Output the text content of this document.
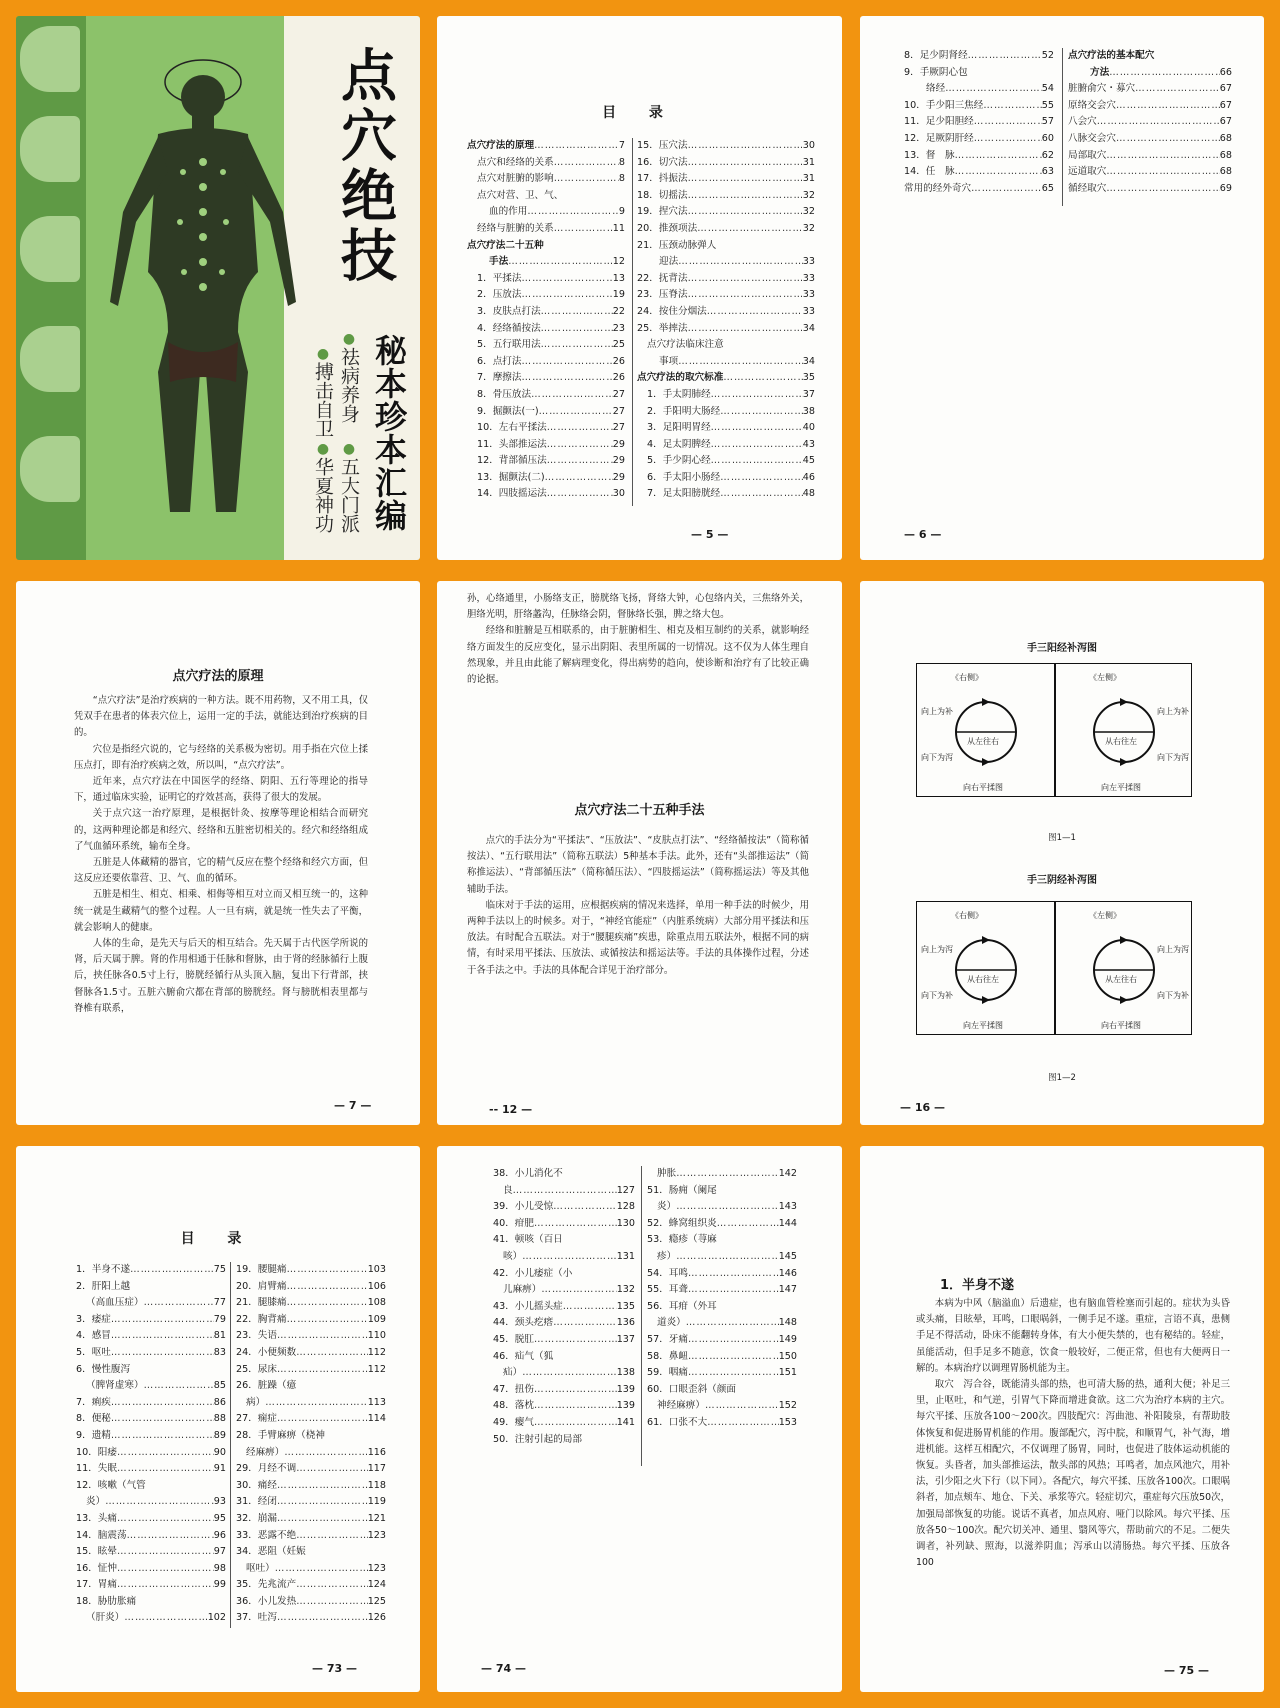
点穴绝技
秘本珍本汇编
●祛病养身
●五大门派
●搏击自卫
●华夏神功
目 录
点穴疗法的原理 ………………………………………………	7
点穴和经络的关系 ………………………………………………	8
点穴对脏腑的影响 ………………………………………………	8
点穴对营、卫、气、
血的作用 ………………………………………………	9
经络与脏腑的关系 ………………………………………………	11
点穴疗法二十五种
手法 ………………………………………………	12
1．平揉法 ………………………………………………	13
2．压放法 ………………………………………………	19
3．皮肤点打法 ………………………………………………	22
4．经络循按法 ………………………………………………	23
5．五行联用法 ………………………………………………	25
6．点打法 ………………………………………………	26
7．摩擦法 ………………………………………………	26
8．骨压放法 ………………………………………………	27
9．掘颤法(一) ………………………………………………	27
10．左右平揉法 ………………………………………………	27
11．头部推运法 ………………………………………………	29
12．背部循压法 ………………………………………………	29
13．掘颤法(二) ………………………………………………	29
14．四肢摇运法 ………………………………………………	30
15．压穴法 ………………………………………………	30
16．切穴法 ………………………………………………	31
17．抖振法 ………………………………………………	31
18．切摇法 ………………………………………………	32
19．捏穴法 ………………………………………………	32
20．推颈项法 ………………………………………………	32
21．压颈动脉弹人
迎法 ………………………………………………	33
22．抚背法 ………………………………………………	33
23．压脊法 ………………………………………………	33
24．按住分烟法 ………………………………………………	33
25．举摔法 ………………………………………………	34
点穴疗法临床注意
事项 ………………………………………………	34
点穴疗法的取穴标准 ………………………………………………	35
1．手太阴肺经 ………………………………………………	37
2．手阳明大肠经 ………………………………………………	38
3．足阳明胃经 ………………………………………………	40
4．足太阴脾经 ………………………………………………	43
5．手少阴心经 ………………………………………………	45
6．手太阳小肠经 ………………………………………………	46
7．足太阳膀胱经 ………………………………………………	48
— 5 —
8．足少阴肾经 ………………………………………………	52
9．手厥阴心包
络经 ………………………………………………	54
10．手少阳三焦经 ………………………………………………	55
11．足少阳胆经 ………………………………………………	57
12．足厥阴肝经 ………………………………………………	60
13．督　脉 ………………………………………………	62
14．任　脉 ………………………………………………	63
常用的经外奇穴 ………………………………………………	65
点穴疗法的基本配穴
方法 ………………………………………………	66
脏腑俞穴・募穴 ………………………………………………	67
原络交会穴 ………………………………………………	67
八会穴 ………………………………………………	67
八脉交会穴 ………………………………………………	68
局部取穴 ………………………………………………	68
远道取穴 ………………………………………………	68
循经取穴 ………………………………………………	69
— 6 —
点穴疗法的原理

“点穴疗法”是治疗疾病的一种方法。既不用药物，又不用工具，仅凭双手在患者的体表穴位上，运用一定的手法，就能达到治疗疾病的目的。

穴位是指经穴说的，它与经络的关系极为密切。用手指在穴位上揉压点打，即有治疗疾病之效，所以叫，“点穴疗法”。

近年来，点穴疗法在中国医学的经络、阴阳、五行等理论的指导下，通过临床实验，证明它的疗效甚高，获得了很大的发展。

关于点穴这一治疗原理，是根据针灸、按摩等理论相结合而研究的，这两种理论都是和经穴、经络和五脏密切相关的。经穴和经络组成了气血循环系统，输布全身。

五脏是人体藏精的器官，它的精气反应在整个经络和经穴方面，但这反应还要依靠营、卫、气、血的循环。

五脏是相生、相克、相乘、相侮等相互对立而又相互统一的，这种统一就是生藏精气的整个过程。人一旦有病，就是统一性失去了平衡，就会影响人的健康。

人体的生命，是先天与后天的相互结合。先天属于古代医学所说的肾，后天属于脾。肾的作用相通于任脉和督脉，由于肾的经脉循行上腹后，挟任脉各0.5寸上行，膀胱经循行从头顶入脑，复出下行背部，挟督脉各1.5寸。五脏六腑俞穴都在背部的膀胱经。肾与膀胱相表里都与脊椎有联系，

— 7 —
孙，心络通里，小肠络支正，膀胱络飞扬，肾络大钟，心包络内关，三焦络外关，胆络光明，肝络蠡沟，任脉络会阴，督脉络长强，脾之络大包。

经络和脏腑是互相联系的，由于脏腑相生、相克及相互制约的关系，就影响经络方面发生的反应变化，显示出阴阳、表里所属的一切情况。这不仅为人体生理自然现象，并且由此能了解病理变化，得出病势的趋向，使诊断和治疗有了比较正确的论据。

点穴疗法二十五种手法

点穴的手法分为“平揉法”、“压放法”、“皮肤点打法”、“经络循按法”（简称循按法）、“五行联用法”（简称五联法）5种基本手法。此外，还有“头部推运法”（简称推运法）、“背部循压法”（简称循压法）、“四肢摇运法”（简称摇运法）等及其他辅助手法。

临床对于手法的运用，应根据疾病的情况来选择，单用一种手法的时候少，用两种手法以上的时候多。对于，“神经官能症”（内脏系统病）大部分用平揉法和压放法。有时配合五联法。对于“腰腿疾痛”疾患，除重点用五联法外，根据不同的病情，有时采用平揉法、压放法、或循按法和摇运法等。手法的具体操作过程，分述于各手法之中。手法的具体配合详见于治疗部分。

-- 12 —
手三阳经补泻图
《右侧》	《左侧》
向上为补
向下为泻
向上为补
向下为泻
从左往右	从右往左
向右平揉图	向左平揉图
图1—1
手三阴经补泻图
《右侧》	《左侧》
向上为泻
向下为补
向上为泻
向下为补
从右往左	从左往右
向左平揉图	向右平揉图
图1—2
— 16 —
目 录
1．半身不遂 ………………………………………………	75
2．肝阳上越
（高血压症） ………………………………………………	77
3．痿症 ………………………………………………	79
4．感冒 ………………………………………………	81
5．呕吐 ………………………………………………	83
6．慢性腹泻
（脾肾虚寒） ………………………………………………	85
7．痢疾 ………………………………………………	86
8．便秘 ………………………………………………	88
9．遗精 ………………………………………………	89
10．阳痿 ………………………………………………	90
11．失眠 ………………………………………………	91
12．咳嗽（气管
炎） ………………………………………………	93
13．头痛 ………………………………………………	95
14．脑震荡 ………………………………………………	96
15．眩晕 ………………………………………………	97
16．怔忡 ………………………………………………	98
17．胃痛 ………………………………………………	99
18．胁肋胀痛
（肝炎） ………………………………………………	102
19．腰腿痛 ………………………………………………	103
20．肩臂痛 ………………………………………………	106
21．腿膝痛 ………………………………………………	108
22．胸背痛 ………………………………………………	109
23．失语 ………………………………………………	110
24．小便频数 ………………………………………………	112
25．尿床 ………………………………………………	112
26．脏躁（癔
病） ………………………………………………	113
27．痫症 ………………………………………………	114
28．手臂麻痹（桡神
经麻痹） ………………………………………………	116
29．月经不调 ………………………………………………	117
30．痛经 ………………………………………………	118
31．经闭 ………………………………………………	119
32．崩漏 ………………………………………………	121
33．恶露不绝 ………………………………………………	123
34．恶阻（妊娠
呕吐） ………………………………………………	123
35．先兆流产 ………………………………………………	124
36．小儿发热 ………………………………………………	125
37．吐泻 ………………………………………………	126
— 73 —
38．小儿消化不
良 ………………………………………………	127
39．小儿受惊 ………………………………………………	128
40．疳肥 ………………………………………………	130
41．顿咳（百日
咳） ………………………………………………	131
42．小儿痿症（小
儿麻痹） ………………………………………………	132
43．小儿摇头症 ………………………………………………	135
44．颈头疙瘩 ………………………………………………	136
45．脱肛 ………………………………………………	137
46．疝气（狐
疝） ………………………………………………	138
47．扭伤 ………………………………………………	139
48．落枕 ………………………………………………	139
49．瘿气 ………………………………………………	141
50．注射引起的局部
肿胀 ………………………………………………	142
51．肠痈（阑尾
炎） ………………………………………………	143
52．蜂窝组织炎 ………………………………………………	144
53．瘾疹（荨麻
疹） ………………………………………………	145
54．耳鸣 ………………………………………………	146
55．耳聋 ………………………………………………	147
56．耳疳（外耳
道炎） ………………………………………………	148
57．牙痛 ………………………………………………	149
58．鼻衄 ………………………………………………	150
59．咽痛 ………………………………………………	151
60．口眼歪斜（颜面
神经麻痹） ………………………………………………	152
61．口张不大 ………………………………………………	153
— 74 —
1．半身不遂

本病为中风（脑溢血）后遗症，也有脑血管栓塞而引起的。症状为头昏或头痛，目眩晕，耳鸣，口眼㖞斜，一侧手足不遂。重症，言语不真，患侧手足不得活动，卧床不能翻转身体，有大小便失禁的，也有秘结的。轻症，虽能活动，但手足多不随意，饮食一般较好，二便正常，但也有大便两日一解的。本病治疗以调理胃肠机能为主。

取穴　泻合谷，既能清头部的热，也可清大肠的热，通利大便；补足三里，止呕吐，和气逆，引胃气下降而增进食欲。这二穴为治疗本病的主穴。每穴平揉、压放各100～200次。四肢配穴：泻曲池、补阳陵泉，有帮助肢体恢复和促进肠胃机能的作用。腹部配穴，泻中脘，和顺胃气，补气海，增进机能。这样互相配穴，不仅调理了肠胃，同时，也促进了肢体运动机能的恢复。头昏者，加头部推运法，散头部的风热；耳鸣者，加点风池穴，用补法，引少阳之火下行（以下同）。各配穴，每穴平揉、压放各100次。口眼㖞斜者，加点颊车、地仓、下关、承浆等穴。轻症切穴，重症每穴压放50次，加强局部恢复的功能。说话不真者，加点风府、哑门以除风。每穴平揉、压放各50～100次。配穴切关冲、通里、翳风等穴，帮助前穴的不足。二便失调者，补列缺、照海，以滋养阴血；泻承山以清肠热。每穴平揉、压放各100

— 75 —
